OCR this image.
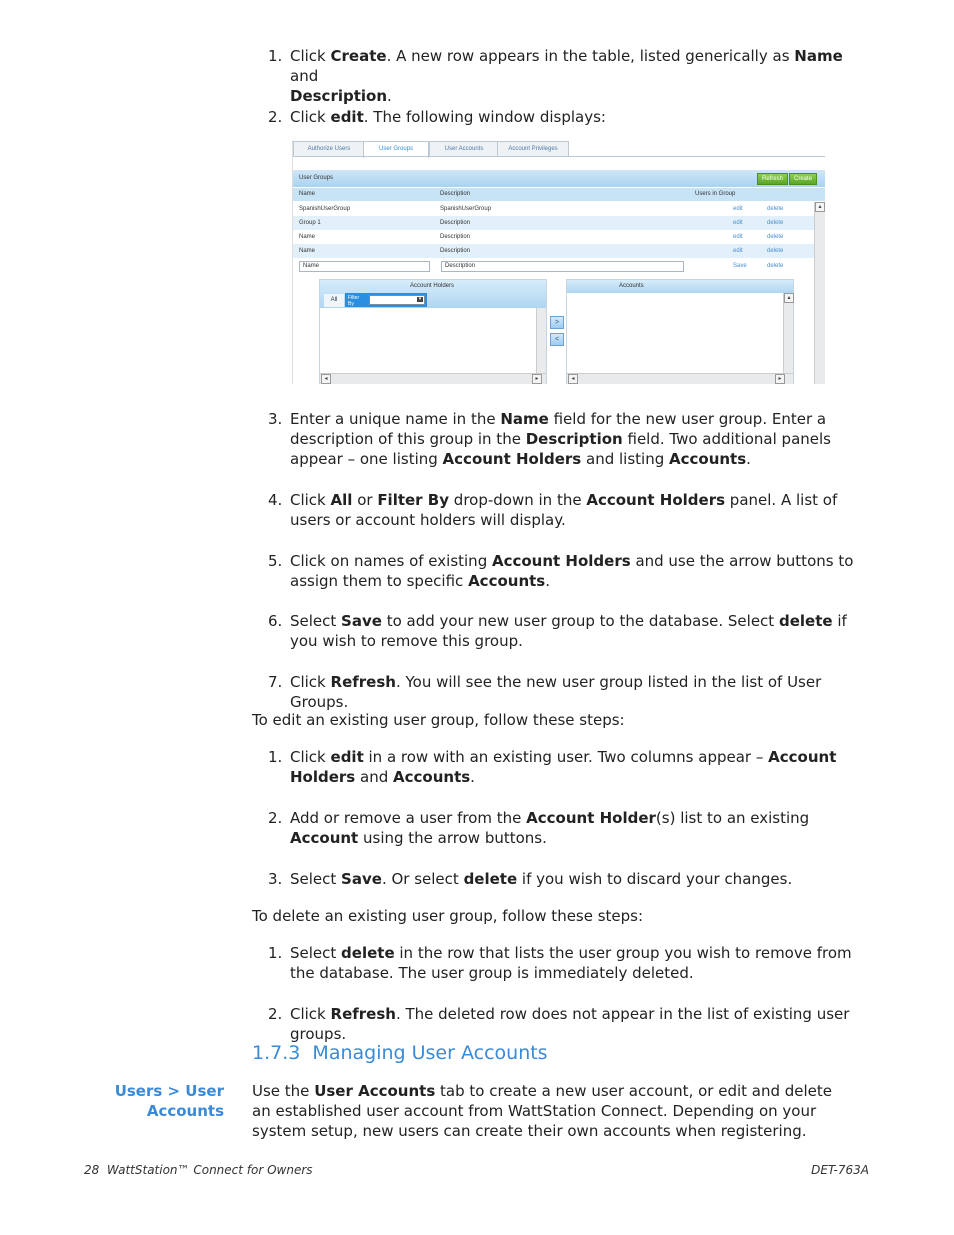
1. Click Create. A new row appears in the table, listed generically as Name and
Description.
2. Click edit. The following window displays:
Authorize Users	User Groups	User Accounts	Account Privileges
User Groups	Refresh	Create
Name	Description	Users in Group
SpanishUserGroup	SpanishUserGroup	edit	delete
Group 1	Description	edit	delete
Name	Description	edit	delete
Name	Description	edit	delete
Name	Description	Save	delete
▴
Account Holders
All	Filter By
▾
◂	▸
>
<
Accounts
▴
◂	▸
3. Enter a unique name in the Name field for the new user group. Enter a description of this group in the Description field. Two additional panels appear – one listing Account Holders and listing Accounts.
4. Click All or Filter By drop-down in the Account Holders panel. A list of users or account holders will display.
5. Click on names of existing Account Holders and use the arrow buttons to assign them to specific Accounts.
6. Select Save to add your new user group to the database. Select delete if you wish to remove this group.
7. Click Refresh. You will see the new user group listed in the list of User Groups.
To edit an existing user group, follow these steps:
1. Click edit in a row with an existing user. Two columns appear – Account Holders and Accounts.
2. Add or remove a user from the Account Holder(s) list to an existing Account using the arrow buttons.
3. Select Save. Or select delete if you wish to discard your changes.
To delete an existing user group, follow these steps:
1. Select delete in the row that lists the user group you wish to remove from the database. The user group is immediately deleted.
2. Click Refresh. The deleted row does not appear in the list of existing user groups.
1.7.3  Managing User Accounts
Users > User
Accounts
Use the User Accounts tab to create a new user account, or edit and delete an established user account from WattStation Connect. Depending on your system setup, new users can create their own accounts when registering.
28  WattStation™ Connect for Owners	DET-763A
